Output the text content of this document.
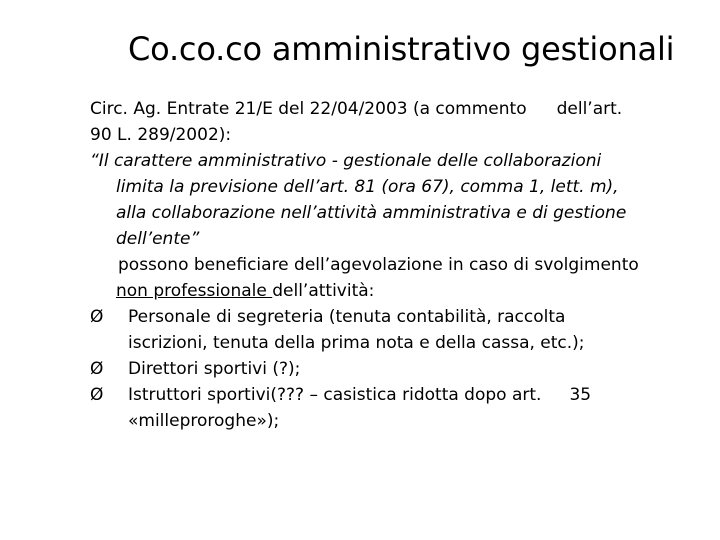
Co.co.co amministrativo gestionali
Circ. Ag. Entrate 21/E del 22/04/2003 (a commento dell’art.
90 L. 289/2002):
“Il carattere amministrativo - gestionale delle collaborazioni
limita la previsione dell’art. 81 (ora 67), comma 1, lett. m),
alla collaborazione nell’attività amministrativa e di gestione
dell’ente”
possono beneficiare dell’agevolazione in caso di svolgimento
non professionale dell’attività:
Ø Personale di segreteria (tenuta contabilità, raccolta
iscrizioni, tenuta della prima nota e della cassa, etc.);
Ø Direttori sportivi (?);
Ø Istruttori sportivi(??? – casistica ridotta dopo art. 35
«milleproroghe»);
